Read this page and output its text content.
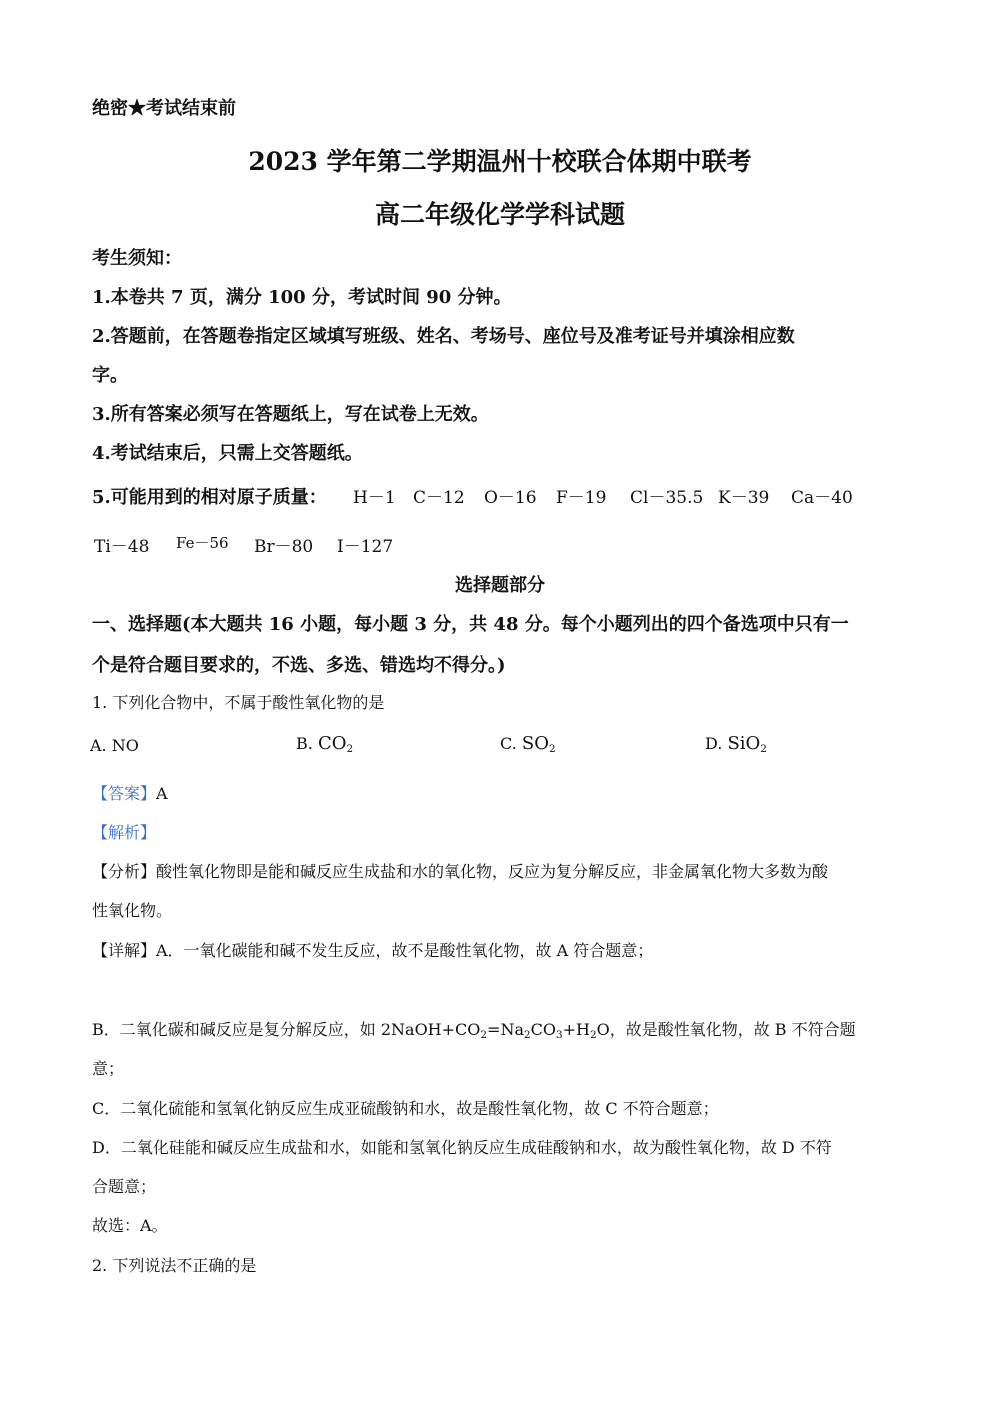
绝密★考试结束前
2023 学年第二学期温州十校联合体期中联考
高二年级化学学科试题
考生须知：
1.本卷共 7 页，满分 100 分，考试时间 90 分钟。
2.答题前，在答题卷指定区域填写班级、姓名、考场号、座位号及准考证号并填涂相应数
字。
3.所有答案必须写在答题纸上，写在试卷上无效。
4.考试结束后，只需上交答题纸。
5.可能用到的相对原子质量： H－1 C－12 O－16 F－19 Cl－35.5 K－39 Ca－40
Ti－48 Fe－56 Br－80 I－127
选择题部分
一、选择题(本大题共 16 小题，每小题 3 分，共 48 分。每个小题列出的四个备选项中只有一
个是符合题目要求的，不选、多选、错选均不得分。)
1. 下列化合物中，不属于酸性氧化物的是
A. NO	B. $CO_2$	C. $SO_2$	D. SiO$_2$
【答案】A
【解析】
【分析】酸性氧化物即是能和碱反应生成盐和水的氧化物，反应为复分解反应，非金属氧化物大多数为酸
性氧化物。
【详解】A．一氧化碳能和碱不发生反应，故不是酸性氧化物，故 A 符合题意；
B．二氧化碳和碱反应是复分解反应，如 $2NaOH+CO_2=Na_2CO_3+H_2O$，故是酸性氧化物，故 B 不符合题
意；
C．二氧化硫能和氢氧化钠反应生成亚硫酸钠和水，故是酸性氧化物，故 C 不符合题意；
D．二氧化硅能和碱反应生成盐和水，如能和氢氧化钠反应生成硅酸钠和水，故为酸性氧化物，故 D 不符
合题意；
故选：A。
2. 下列说法不正确的是
